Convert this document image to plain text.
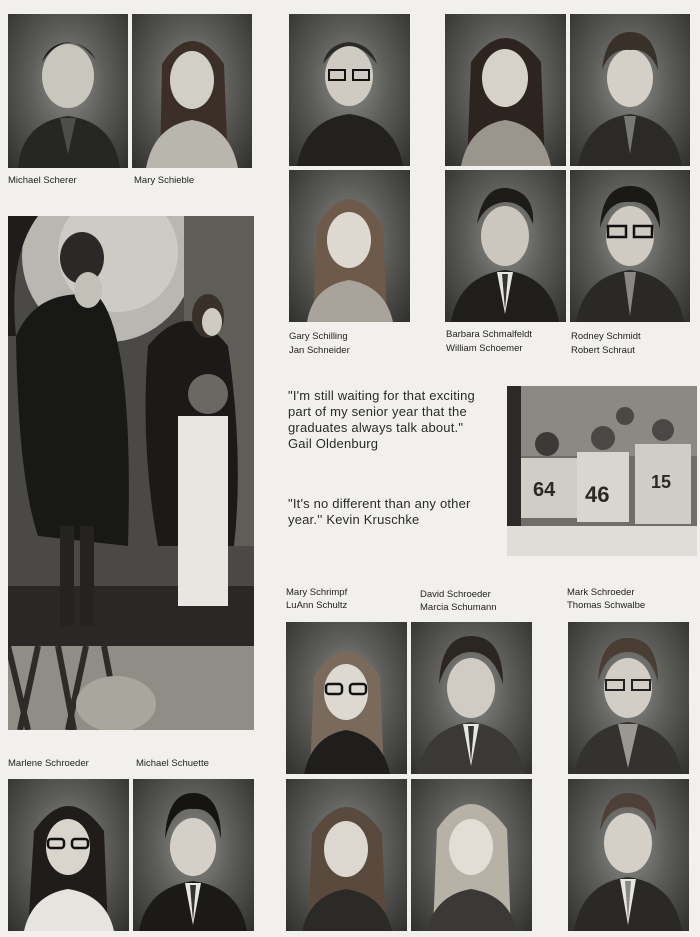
Michael Scherer	Mary Schieble
Gary Schilling
Jan Schneider
Barbara Schmalfeldt
William Schoemer
Rodney Schmidt
Robert Schraut
"I'm still waiting for that exciting part of my senior year that the graduates always talk about." Gail Oldenburg
"It's no different than any other year.'' Kevin Kruschke
64 46 15
Mary Schrimpf
LuAnn Schultz
David Schroeder
Marcia Schumann
Mark Schroeder
Thomas Schwalbe
Marlene Schroeder	Michael Schuette
